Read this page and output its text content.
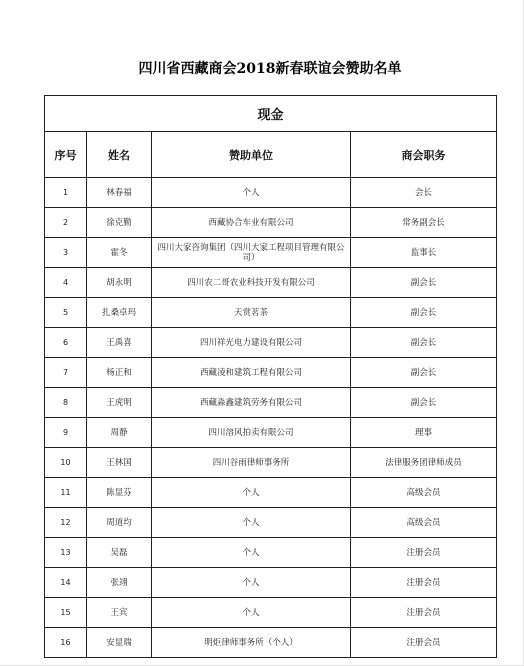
四川省西藏商会2018新春联谊会赞助名单
现金			
序号	姓名	赞助单位	商会职务
1	林春福	个人	会长
2	徐克勤	西藏协合车业有限公司	常务副会长
3	霍冬	四川大家咨询集团（四川大家工程项目管理有限公司）	监事长
4	胡永明	四川农二哥农业科技开发有限公司	副会长
5	扎桑卓玛	天赏茗茶	副会长
6	王禹喜	四川祥光电力建设有限公司	副会长
7	杨正和	西藏凌和建筑工程有限公司	副会长
8	王虎明	西藏淼鑫建筑劳务有限公司	副会长
9	周静	四川溶风拍卖有限公司	理事
10	王林国	四川谷雨律师事务所	法律服务团律师成员
11	陈显芬	个人	高级会员
12	周道均	个人	高级会员
13	吴磊	个人	注册会员
14	张翊	个人	注册会员
15	王宾	个人	注册会员
16	安显瑞	明炬律师事务所（个人）	注册会员
